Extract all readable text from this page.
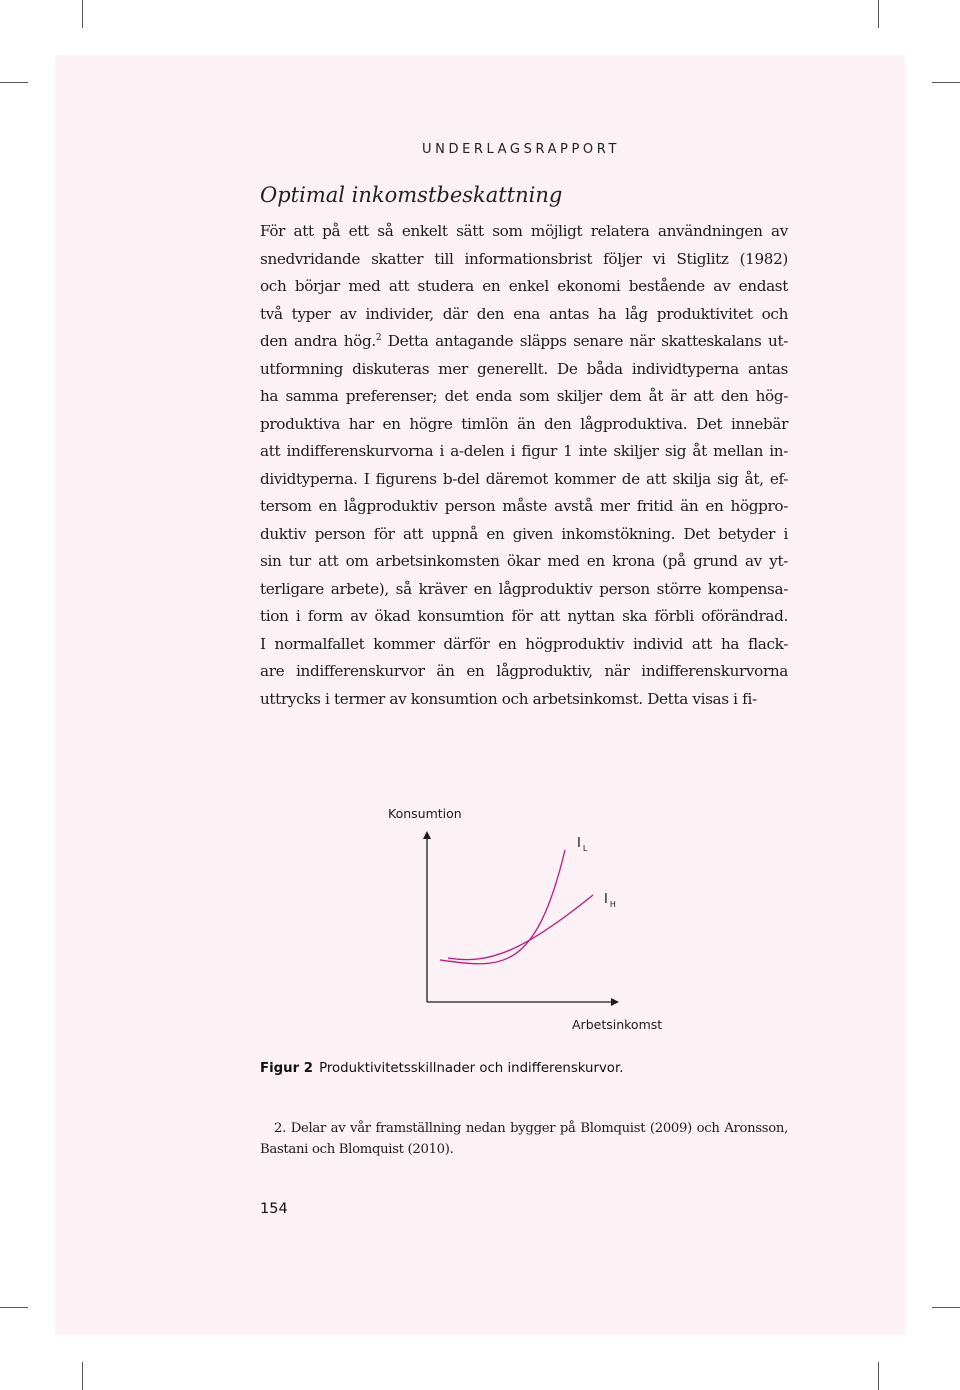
UNDERLAGSRAPPORT
Optimal inkomstbeskattning
För att på ett så enkelt sätt som möjligt relatera användningen av
snedvridande skatter till informationsbrist följer vi Stiglitz (1982)
och börjar med att studera en enkel ekonomi bestående av endast
två typer av individer, där den ena antas ha låg produktivitet och
den andra hög.$^2$ Detta antagande släpps senare när skatteskalans ut-
utformning diskuteras mer generellt. De båda individtyperna antas
ha samma preferenser; det enda som skiljer dem åt är att den hög-
produktiva har en högre timlön än den lågproduktiva. Det innebär
att indifferenskurvorna i a-delen i figur 1 inte skiljer sig åt mellan in-
dividtyperna. I figurens b-del däremot kommer de att skilja sig åt, ef-
tersom en lågproduktiv person måste avstå mer fritid än en högpro-
duktiv person för att uppnå en given inkomstökning. Det betyder i
sin tur att om arbetsinkomsten ökar med en krona (på grund av yt-
terligare arbete), så kräver en lågproduktiv person större kompensa-
tion i form av ökad konsumtion för att nyttan ska förbli oförändrad.
I normalfallet kommer därför en högproduktiv individ att ha flack-
are indifferenskurvor än en lågproduktiv, när indifferenskurvorna
uttrycks i termer av konsumtion och arbetsinkomst. Detta visas i fi-
Konsumtion
Arbetsinkomst
I $_L$
I $_H$
Figur 2 Produktivitetsskillnader och indifferenskurvor.
2. Delar av vår framställning nedan bygger på Blomquist (2009) och Aronsson,
Bastani och Blomquist (2010).
154
